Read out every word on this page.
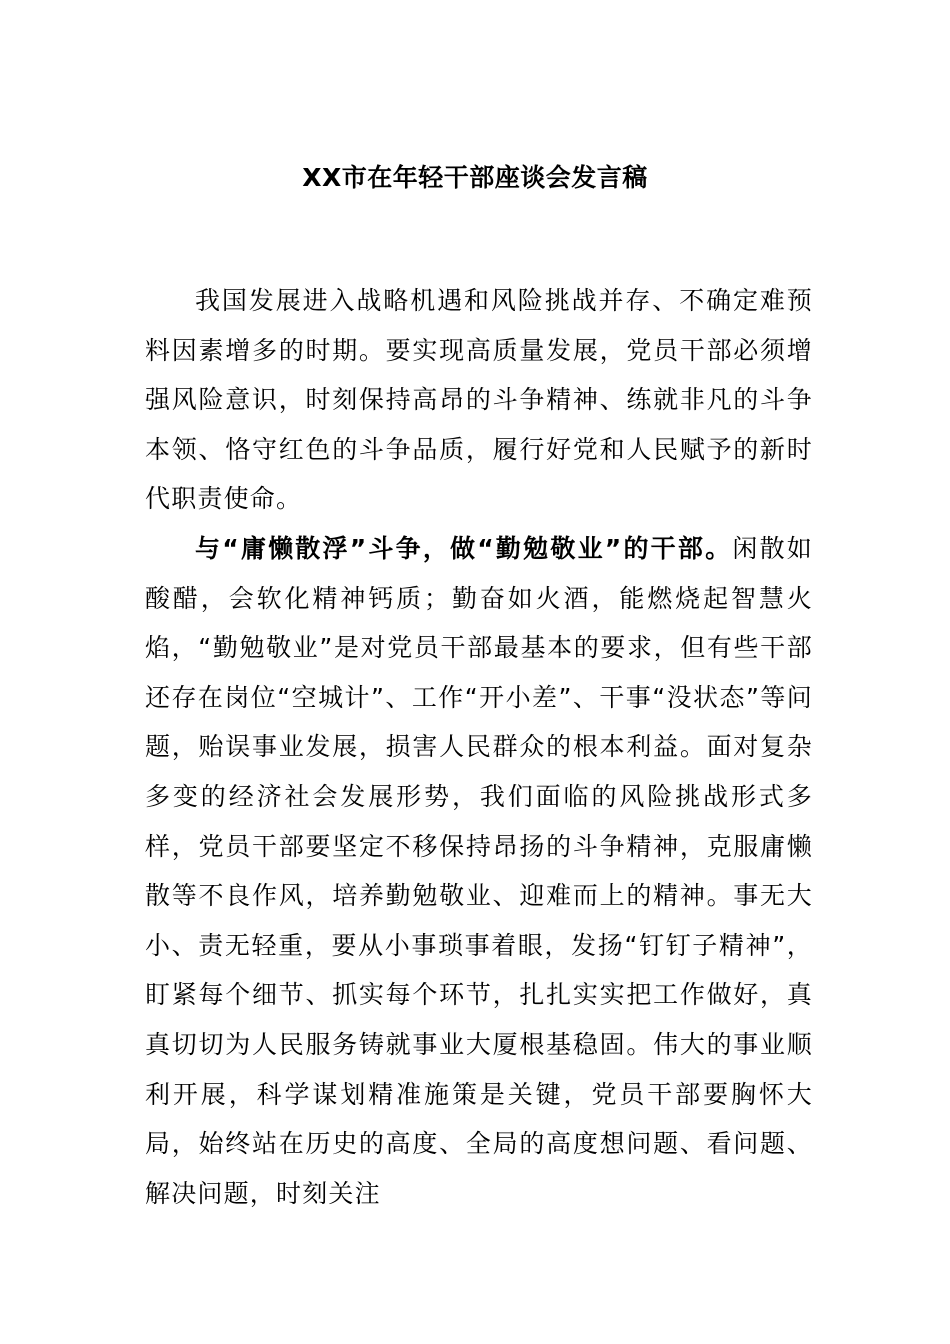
XX市在年轻干部座谈会发言稿

我国发展进入战略机遇和风险挑战并存、不确定难预料因素增多的时期。要实现高质量发展，党员干部必须增强风险意识，时刻保持高昂的斗争精神、练就非凡的斗争本领、恪守红色的斗争品质，履行好党和人民赋予的新时代职责使命。

与“庸懒散浮”斗争，做“勤勉敬业”的干部。闲散如酸醋，会软化精神钙质；勤奋如火酒，能燃烧起智慧火焰，“勤勉敬业”是对党员干部最基本的要求，但有些干部还存在岗位“空城计”、工作“开小差”、干事“没状态”等问题，贻误事业发展，损害人民群众的根本利益。面对复杂多变的经济社会发展形势，我们面临的风险挑战形式多样，党员干部要坚定不移保持昂扬的斗争精神，克服庸懒散等不良作风，培养勤勉敬业、迎难而上的精神。事无大小、责无轻重，要从小事琐事着眼，发扬“钉钉子精神”，盯紧每个细节、抓实每个环节，扎扎实实把工作做好，真真切切为人民服务铸就事业大厦根基稳固。伟大的事业顺利开展，科学谋划精准施策是关键，党员干部要胸怀大局，始终站在历史的高度、全局的高度想问题、看问题、解决问题，时刻关注
